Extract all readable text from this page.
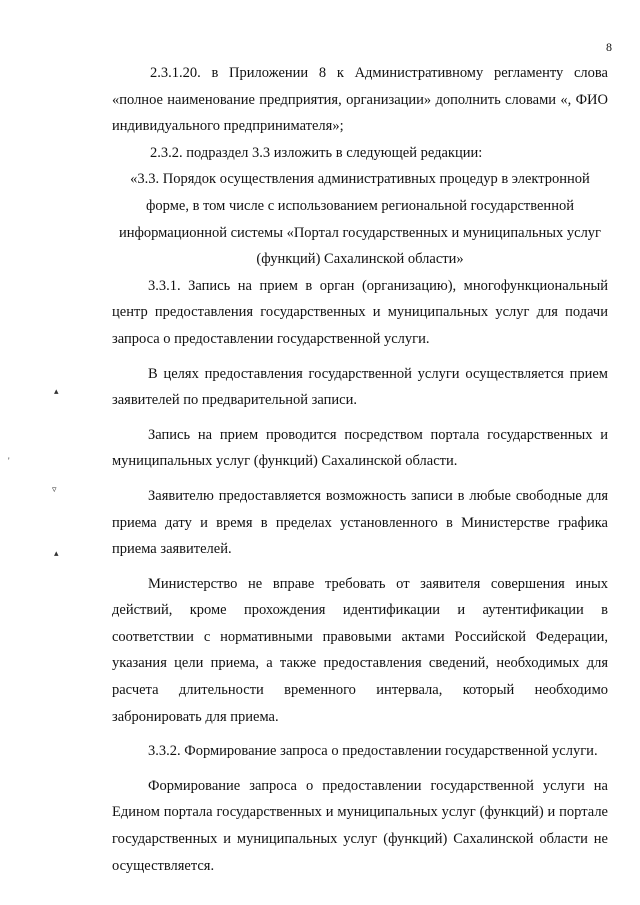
8
▴
'
▿
▴

2.3.1.20. в Приложении 8 к Административному регламенту слова «полное наименование предприятия, организации» дополнить словами «, ФИО индивидуального предпринимателя»;

2.3.2. подраздел 3.3 изложить в следующей редакции:

«3.3. Порядок осуществления административных процедур в электронной форме, в том числе с использованием региональной государственной информационной системы «Портал государственных и муниципальных услуг (функций) Сахалинской области»

3.3.1. Запись на прием в орган (организацию), многофункциональный центр предоставления государственных и муниципальных услуг для подачи запроса о предоставлении государственной услуги.

В целях предоставления государственной услуги осуществляется прием заявителей по предварительной записи.

Запись на прием проводится посредством портала государственных и муниципальных услуг (функций) Сахалинской области.

Заявителю предоставляется возможность записи в любые свободные для приема дату и время в пределах установленного в Министерстве графика приема заявителей.

Министерство не вправе требовать от заявителя совершения иных действий, кроме прохождения идентификации и аутентификации в соответствии с нормативными правовыми актами Российской Федерации, указания цели приема, а также предоставления сведений, необходимых для расчета длительности временного интервала, который необходимо забронировать для приема.

3.3.2. Формирование запроса о предоставлении государственной услуги.

Формирование запроса о предоставлении государственной услуги на Едином портала государственных и муниципальных услуг (функций) и портале государственных и муниципальных услуг (функций) Сахалинской области не осуществляется.
